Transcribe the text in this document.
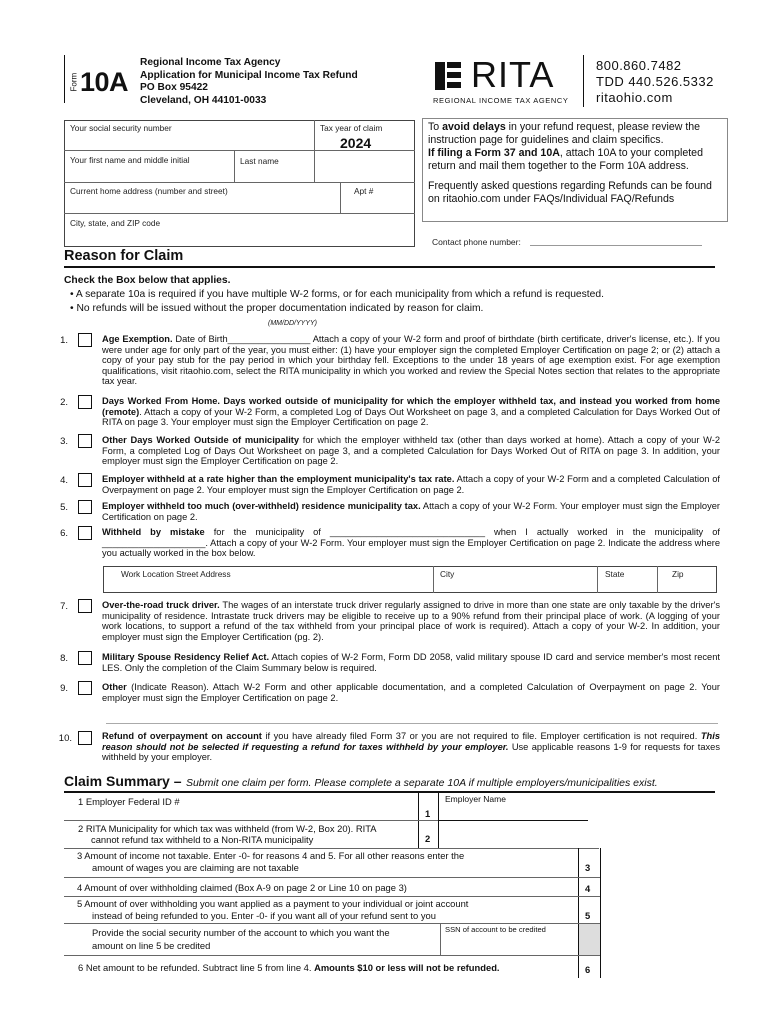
Form 10A
Regional Income Tax Agency
Application for Municipal Income Tax Refund
PO Box 95422
Cleveland, OH 44101-0033
RITA
REGIONAL INCOME TAX AGENCY
800.860.7482
TDD 440.526.5332
ritaohio.com
Your social security number	Tax year of claim
2024
Your first name and middle initial	Last name
Current home address (number and street)	Apt #
City, state, and ZIP code
To avoid delays in your refund request, please review the instruction page for guidelines and claim specifics.
If filing a Form 37 and 10A, attach 10A to your completed return and mail them together to the Form 10A address.
Frequently asked questions regarding Refunds can be found on ritaohio.com under FAQs/Individual FAQ/Refunds
Contact phone number:
Reason for Claim
Check the Box below that applies.
• A separate 10a is required if you have multiple W-2 forms, or for each municipality from which a refund is requested.
• No refunds will be issued without the proper documentation indicated by reason for claim.
(MM/DD/YYYY)
1.	Age Exemption. Date of Birth________________ Attach a copy of your W-2 form and proof of birthdate (birth certificate, driver's license, etc.). If you were under age for only part of the year, you must either: (1) have your employer sign the completed Employer Certification on page 2; or (2) attach a copy of your pay stub for the pay period in which your birthday fell. Exceptions to the under 18 years of age exemption exist. For age exemption qualifications, visit ritaohio.com, select the RITA municipality in which you worked and review the Special Notes section that relates to the appropriate tax year.
2.	Days Worked From Home. Days worked outside of municipality for which the employer withheld tax, and instead you worked from home (remote). Attach a copy of your W-2 Form, a completed Log of Days Out Worksheet on page 3, and a completed Calculation for Days Worked Out of RITA on page 3. Your employer must sign the Employer Certification on page 2.
3.	Other Days Worked Outside of municipality for which the employer withheld tax (other than days worked at home). Attach a copy of your W-2 Form, a completed Log of Days Out Worksheet on page 3, and a completed Calculation for Days Worked Out of RITA on page 3. In addition, your employer must sign the Employer Certification on page 2.
4.	Employer withheld at a rate higher than the employment municipality's tax rate. Attach a copy of your W-2 Form and a completed Calculation of Overpayment on page 2. Your employer must sign the Employer Certification on page 2.
5.	Employer withheld too much (over-withheld) residence municipality tax. Attach a copy of your W-2 Form. Your employer must sign the Employer Certification on page 2.
6.	Withheld by mistake for the municipality of ______________________________ when I actually worked in the municipality of ____________________. Attach a copy of your W-2 Form. Your employer must sign the Employer Certification on page 2. Indicate the address where you actually worked in the box below.
Work Location Street Address	City	State	Zip
7.	Over-the-road truck driver. The wages of an interstate truck driver regularly assigned to drive in more than one state are only taxable by the driver's municipality of residence. Intrastate truck drivers may be eligible to receive up to a 90% refund from their principal place of work. (A logging of your work locations, to support a refund of the tax withheld from your principal place of work is required). Attach a copy of your W-2. In addition, your employer must sign the Employer Certification (pg. 2).
8.	Military Spouse Residency Relief Act. Attach copies of W-2 Form, Form DD 2058, valid military spouse ID card and service member's most recent LES. Only the completion of the Claim Summary below is required.
9.	Other (Indicate Reason). Attach W-2 Form and other applicable documentation, and a completed Calculation of Overpayment on page 2. Your employer must sign the Employer Certification on page 2.
10.	Refund of overpayment on account if you have already filed Form 37 or you are not required to file. Employer certification is not required. This reason should not be selected if requesting a refund for taxes withheld by your employer. Use applicable reasons 1-9 for requests for taxes withheld by your employer.
Claim Summary – Submit one claim per form. Please complete a separate 10A if multiple employers/municipalities exist.
Employer Name
1 Employer Federal ID #
1
2 RITA Municipality for which tax was withheld (from W-2, Box 20). RITA
cannot refund tax withheld to a Non-RITA municipality	2
3 Amount of income not taxable. Enter -0- for reasons 4 and 5. For all other reasons enter the
amount of wages you are claiming are not taxable	3
4 Amount of over withholding claimed (Box A-9 on page 2 or Line 10 on page 3)	4
5 Amount of over withholding you want applied as a payment to your individual or joint account
instead of being refunded to you. Enter -0- if you want all of your refund sent to you	5
Provide the social security number of the account to which you want the
amount on line 5 be credited
SSN of account to be credited
6 Net amount to be refunded. Subtract line 5 from line 4. Amounts $10 or less will not be refunded.	6
